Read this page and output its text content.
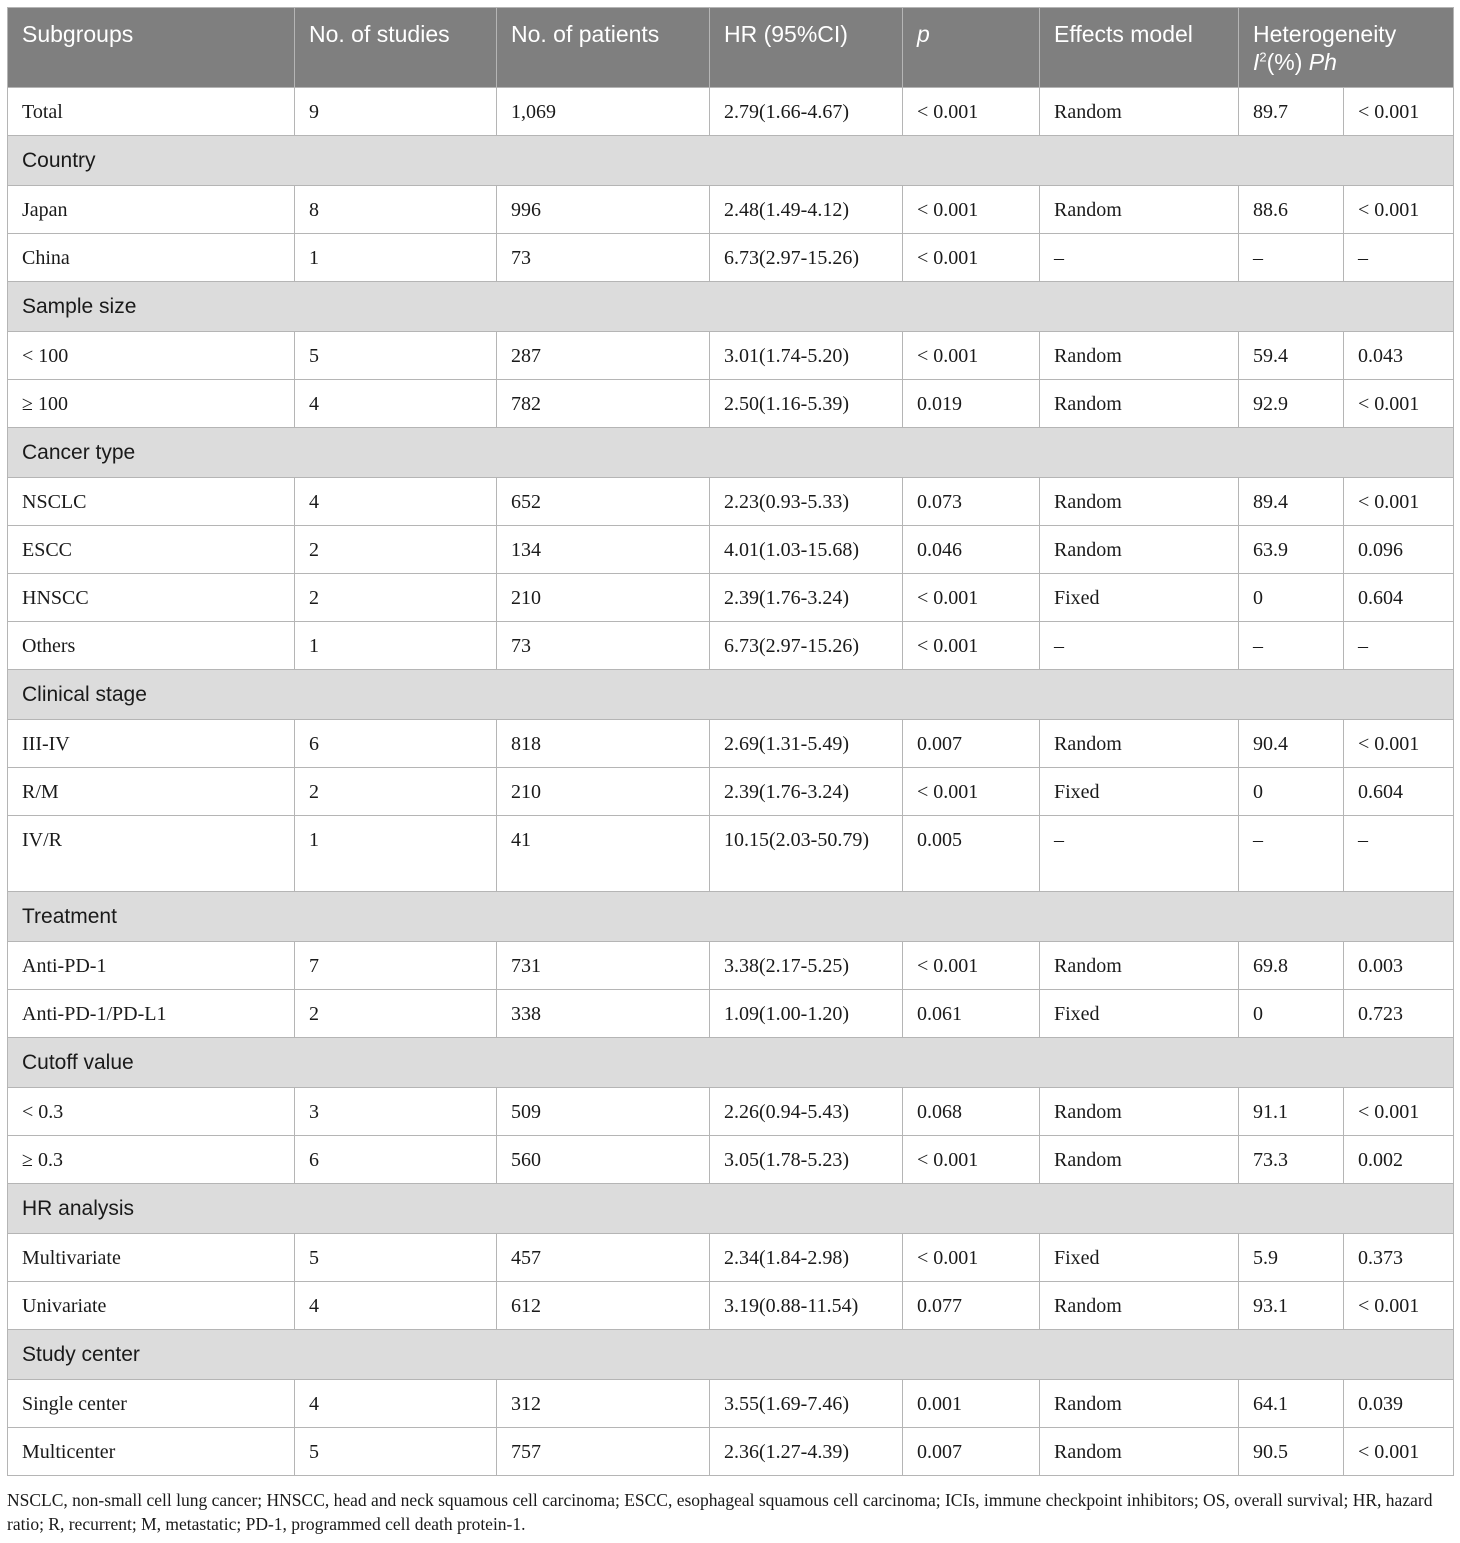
Subgroups	No. of studies	No. of patients	HR (95%CI)	p	Effects model	Heterogeneity
$I^2(\%)$ Ph	

Total	9	1,069	2.79(1.66-4.67)	< 0.001	Random	89.7	< 0.001
Country							
Japan	8	996	2.48(1.49-4.12)	< 0.001	Random	88.6	< 0.001
China	1	73	6.73(2.97-15.26)	< 0.001	–	–	–
Sample size							
< 100	5	287	3.01(1.74-5.20)	< 0.001	Random	59.4	0.043
≥ 100	4	782	2.50(1.16-5.39)	0.019	Random	92.9	< 0.001
Cancer type							
NSCLC	4	652	2.23(0.93-5.33)	0.073	Random	89.4	< 0.001
ESCC	2	134	4.01(1.03-15.68)	0.046	Random	63.9	0.096
HNSCC	2	210	2.39(1.76-3.24)	< 0.001	Fixed	0	0.604
Others	1	73	6.73(2.97-15.26)	< 0.001	–	–	–
Clinical stage							
III-IV	6	818	2.69(1.31-5.49)	0.007	Random	90.4	< 0.001
R/M	2	210	2.39(1.76-3.24)	< 0.001	Fixed	0	0.604
IV/R	1	41	10.15(2.03-50.79)	0.005	–	–	–
Treatment							
Anti-PD-1	7	731	3.38(2.17-5.25)	< 0.001	Random	69.8	0.003
Anti-PD-1/PD-L1	2	338	1.09(1.00-1.20)	0.061	Fixed	0	0.723
Cutoff value							
< 0.3	3	509	2.26(0.94-5.43)	0.068	Random	91.1	< 0.001
≥ 0.3	6	560	3.05(1.78-5.23)	< 0.001	Random	73.3	0.002
HR analysis							
Multivariate	5	457	2.34(1.84-2.98)	< 0.001	Fixed	5.9	0.373
Univariate	4	612	3.19(0.88-11.54)	0.077	Random	93.1	< 0.001
Study center							
Single center	4	312	3.55(1.69-7.46)	0.001	Random	64.1	0.039
Multicenter	5	757	2.36(1.27-4.39)	0.007	Random	90.5	< 0.001
NSCLC, non-small cell lung cancer; HNSCC, head and neck squamous cell carcinoma; ESCC, esophageal squamous cell carcinoma; ICIs, immune checkpoint inhibitors; OS, overall survival; HR, hazard ratio; R, recurrent; M, metastatic; PD-1, programmed cell death protein-1.
